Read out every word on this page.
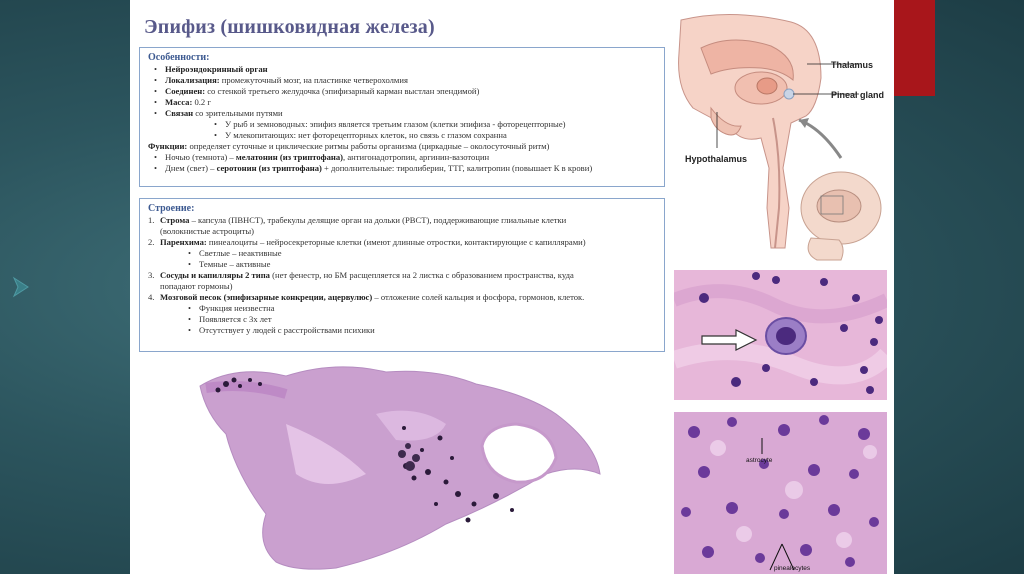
Эпифиз (шишковидная железа)
Особенности:
• Нейроэндокринный орган
• Локализация: промежуточный мозг, на пластинке четверохолмия
• Соединен: со стенкой третьего желудочка (эпифизарный карман выстлан эпендимой)
• Масса: 0.2 г
• Связан со зрительными путями
• У рыб и земноводных: эпифиз является третьим глазом (клетки эпифиза - фоторецепторные)
• У млекопитающих: нет фоторецепторных клеток, но связь с глазом сохранна
Функции: определяет суточные и циклические ритмы работы организма (циркадные – околосуточный ритм)
• Ночью (темнота) – мелатонин (из триптофана), антигонадотропин, аргинин-вазотоцин
• Днем (свет) – серотонин (из триптофана) + дополнительные: тиролиберин, ТТГ, калитропин (повышает К в крови)
Строение:
1. Строма – капсула (ПВНСТ), трабекулы делящие орган на дольки (РВСТ), поддерживающие глиальные клетки
(волокнистые астроциты)
2. Паренхима: пинеалоциты – нейросекреторные клетки (имеют длинные отростки, контактирующие с капиллярами)
• Светлые – неактивные
• Темные – активные
3. Сосуды и капилляры 2 типа (нет фенестр, но БМ расщепляется на 2 листка с образованием пространства, куда
попадают гормоны)
4. Мозговой песок (эпифизарные конкреции, ацервулюс) – отложение солей кальция и фосфора, гормонов, клеток.
• Функция неизвестна
• Появляется с 3х лет
• Отсутствует у людей с расстройствами психики
Thalamus
Pineal gland
Hypothalamus
astrocyte
pinealocytes
